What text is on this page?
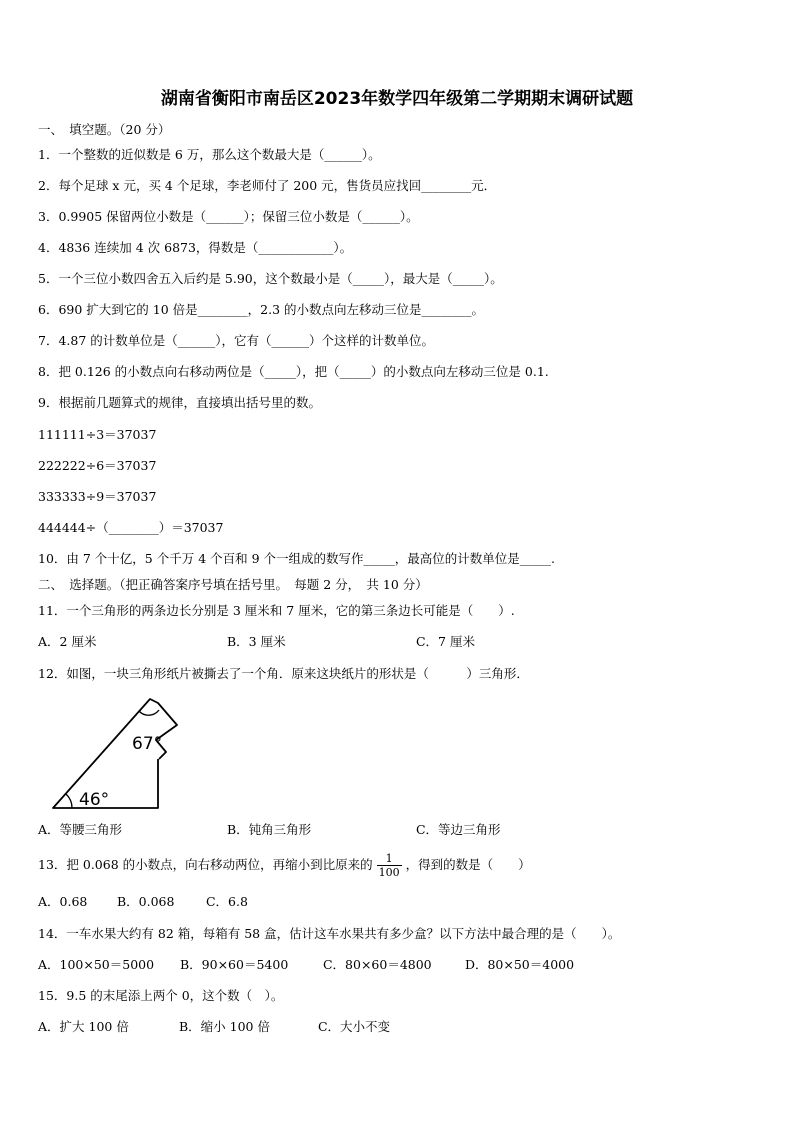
湖南省衡阳市南岳区2023年数学四年级第二学期期末调研试题
一、　填空题。（20 分）
1．一个整数的近似数是 6 万，那么这个数最大是（______）。
2．每个足球 x 元，买 4 个足球，李老师付了 200 元，售货员应找回________元．
3．0.9905 保留两位小数是（______）；保留三位小数是（______）。
4．4836 连续加 4 次 6873，得数是（____________）。
5．一个三位小数四舍五入后约是 5.90，这个数最小是（_____），最大是（_____）。
6．690 扩大到它的 10 倍是________，2.3 的小数点向左移动三位是________。
7．4.87 的计数单位是（______），它有（______）个这样的计数单位。
8．把 0.126 的小数点向右移动两位是（_____），把（_____）的小数点向左移动三位是 0.1.
9．根据前几题算式的规律，直接填出括号里的数。
111111÷3＝37037
222222÷6＝37037
333333÷9＝37037
444444÷（________）＝37037
10．由 7 个十亿，5 个千万 4 个百和 9 个一组成的数写作_____，最高位的计数单位是_____.
二、　选择题。（把正确答案序号填在括号里。　每题 2 分，　共 10 分）
11．一个三角形的两条边长分别是 3 厘米和 7 厘米，它的第三条边长可能是（　　）.
A．2 厘米	B．3 厘米	C．7 厘米
12．如图，一块三角形纸片被撕去了一个角．原来这块纸片的形状是（　　　）三角形．
67°
46°
A．等腰三角形	B．钝角三角形	C．等边三角形
13．把 0.068 的小数点，向右移动两位，再缩小到比原来的 $\frac{1}{100}$ ，得到的数是（　　）
A．0.68 B．0.068	C．6.8
14．一车水果大约有 82 箱，每箱有 58 盒，估计这车水果共有多少盒？以下方法中最合理的是（　　）。
A．100×50＝5000 B．90×60＝5400	C．80×60＝4800	D．80×50＝4000
15．9.5 的末尾添上两个 0，这个数（　）。
A．扩大 100 倍	B．缩小 100 倍	C．大小不变
